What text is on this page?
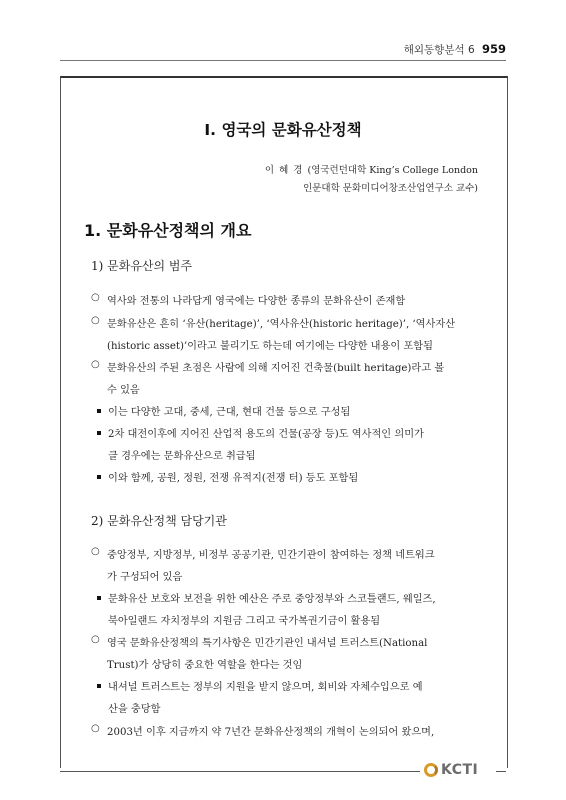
해외동향분석 6 959
KCTI
Ⅰ. 영국의 문화유산정책
이 혜 경 (영국런던대학 King’s College London
인문대학 문화미디어창조산업연구소 교수)
1. 문화유산정책의 개요
1) 문화유산의 범주
○ 역사와 전통의 나라답게 영국에는 다양한 종류의 문화유산이 존재함
○ 문화유산은 흔히 ‘유산(heritage)’, ‘역사유산(historic heritage)’, ‘역사자산
(historic asset)’이라고 불리기도 하는데 여기에는 다양한 내용이 포함됨
○ 문화유산의 주된 초점은 사람에 의해 지어진 건축물(built heritage)라고 볼
수 있음
이는 다양한 고대, 중세, 근대, 현대 건물 등으로 구성됨
2차 대전이후에 지어진 산업적 용도의 건물(공장 등)도 역사적인 의미가
클 경우에는 문화유산으로 취급됨
이와 함께, 공원, 정원, 전쟁 유적지(전쟁 터) 등도 포함됨
2) 문화유산정책 담당기관
○ 중앙정부, 지방정부, 비정부 공공기관, 민간기관이 참여하는 정책 네트워크
가 구성되어 있음
문화유산 보호와 보전을 위한 예산은 주로 중앙정부와 스코틀랜드, 웨일즈,
북아일랜드 자치정부의 지원금 그리고 국가복권기금이 활용됨
○ 영국 문화유산정책의 특기사항은 민간기관인 내셔널 트러스트(National
Trust)가 상당히 중요한 역할을 한다는 것임
내셔널 트러스트는 정부의 지원을 받지 않으며, 회비와 자체수입으로 예
산을 충당함
○ 2003년 이후 지금까지 약 7년간 문화유산정책의 개혁이 논의되어 왔으며,
